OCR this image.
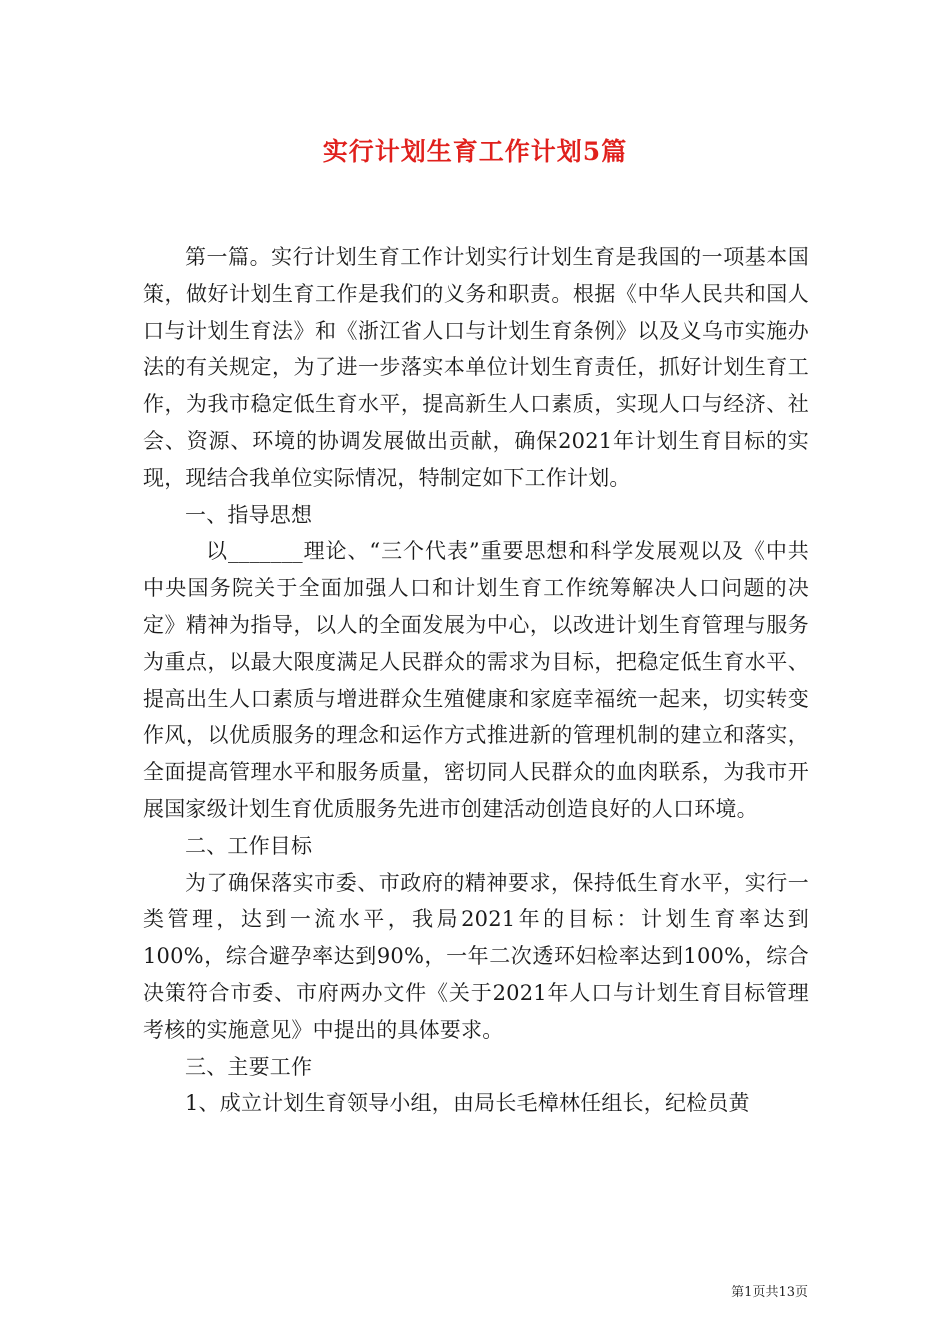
实行计划生育工作计划5篇

第一篇。实行计划生育工作计划实行计划生育是我国的一项基本国策，做好计划生育工作是我们的义务和职责。根据《中华人民共和国人口与计划生育法》和《浙江省人口与计划生育条例》以及义乌市实施办法的有关规定，为了进一步落实本单位计划生育责任，抓好计划生育工作，为我市稳定低生育水平，提高新生人口素质，实现人口与经济、社会、资源、环境的协调发展做出贡献，确保2021年计划生育目标的实现，现结合我单位实际情况，特制定如下工作计划。

一、指导思想

以_______理论、“三个代表”重要思想和科学发展观以及《中共中央国务院关于全面加强人口和计划生育工作统筹解决人口问题的决定》精神为指导，以人的全面发展为中心，以改进计划生育管理与服务为重点，以最大限度满足人民群众的需求为目标，把稳定低生育水平、提高出生人口素质与增进群众生殖健康和家庭幸福统一起来，切实转变作风，以优质服务的理念和运作方式推进新的管理机制的建立和落实，全面提高管理水平和服务质量，密切同人民群众的血肉联系，为我市开展国家级计划生育优质服务先进市创建活动创造良好的人口环境。

二、工作目标

为了确保落实市委、市政府的精神要求，保持低生育水平，实行一类管理，达到一流水平，我局2021年的目标：计划生育率达到100%，综合避孕率达到90%，一年二次透环妇检率达到100%，综合决策符合市委、市府两办文件《关于2021年人口与计划生育目标管理考核的实施意见》中提出的具体要求。

三、主要工作

1、成立计划生育领导小组，由局长毛樟林任组长，纪检员黄

第1页共13页
